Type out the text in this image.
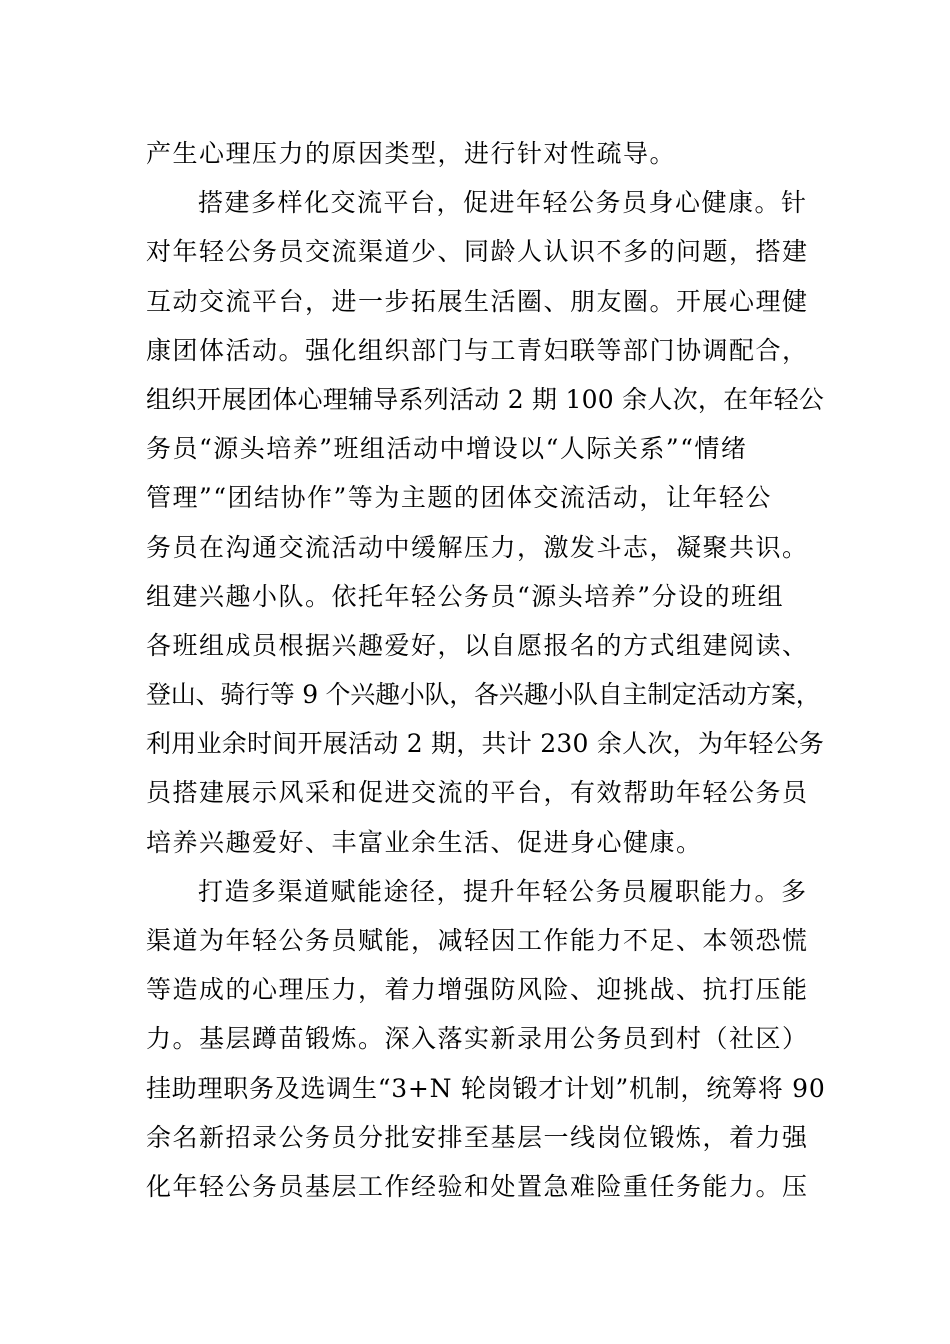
产生心理压力的原因类型，进行针对性疏导。
搭建多样化交流平台，促进年轻公务员身心健康。针
对年轻公务员交流渠道少、同龄人认识不多的问题，搭建
互动交流平台，进一步拓展生活圈、朋友圈。开展心理健
康团体活动。强化组织部门与工青妇联等部门协调配合，
组织开展团体心理辅导系列活动 2 期 100 余人次，在年轻公
务员“源头培养”班组活动中增设以“人际关系”“情绪
管理”“团结协作”等为主题的团体交流活动，让年轻公
务员在沟通交流活动中缓解压力，激发斗志，凝聚共识。
组建兴趣小队。依托年轻公务员“源头培养”分设的班组
各班组成员根据兴趣爱好，以自愿报名的方式组建阅读、
登山、骑行等 9 个兴趣小队，各兴趣小队自主制定活动方案，
利用业余时间开展活动 2 期，共计 230 余人次，为年轻公务
员搭建展示风采和促进交流的平台，有效帮助年轻公务员
培养兴趣爱好、丰富业余生活、促进身心健康。
打造多渠道赋能途径，提升年轻公务员履职能力。多
渠道为年轻公务员赋能，减轻因工作能力不足、本领恐慌
等造成的心理压力，着力增强防风险、迎挑战、抗打压能
力。基层蹲苗锻炼。深入落实新录用公务员到村（社区）
挂助理职务及选调生“3+N 轮岗锻才计划”机制，统筹将 90
余名新招录公务员分批安排至基层一线岗位锻炼，着力强
化年轻公务员基层工作经验和处置急难险重任务能力。压
